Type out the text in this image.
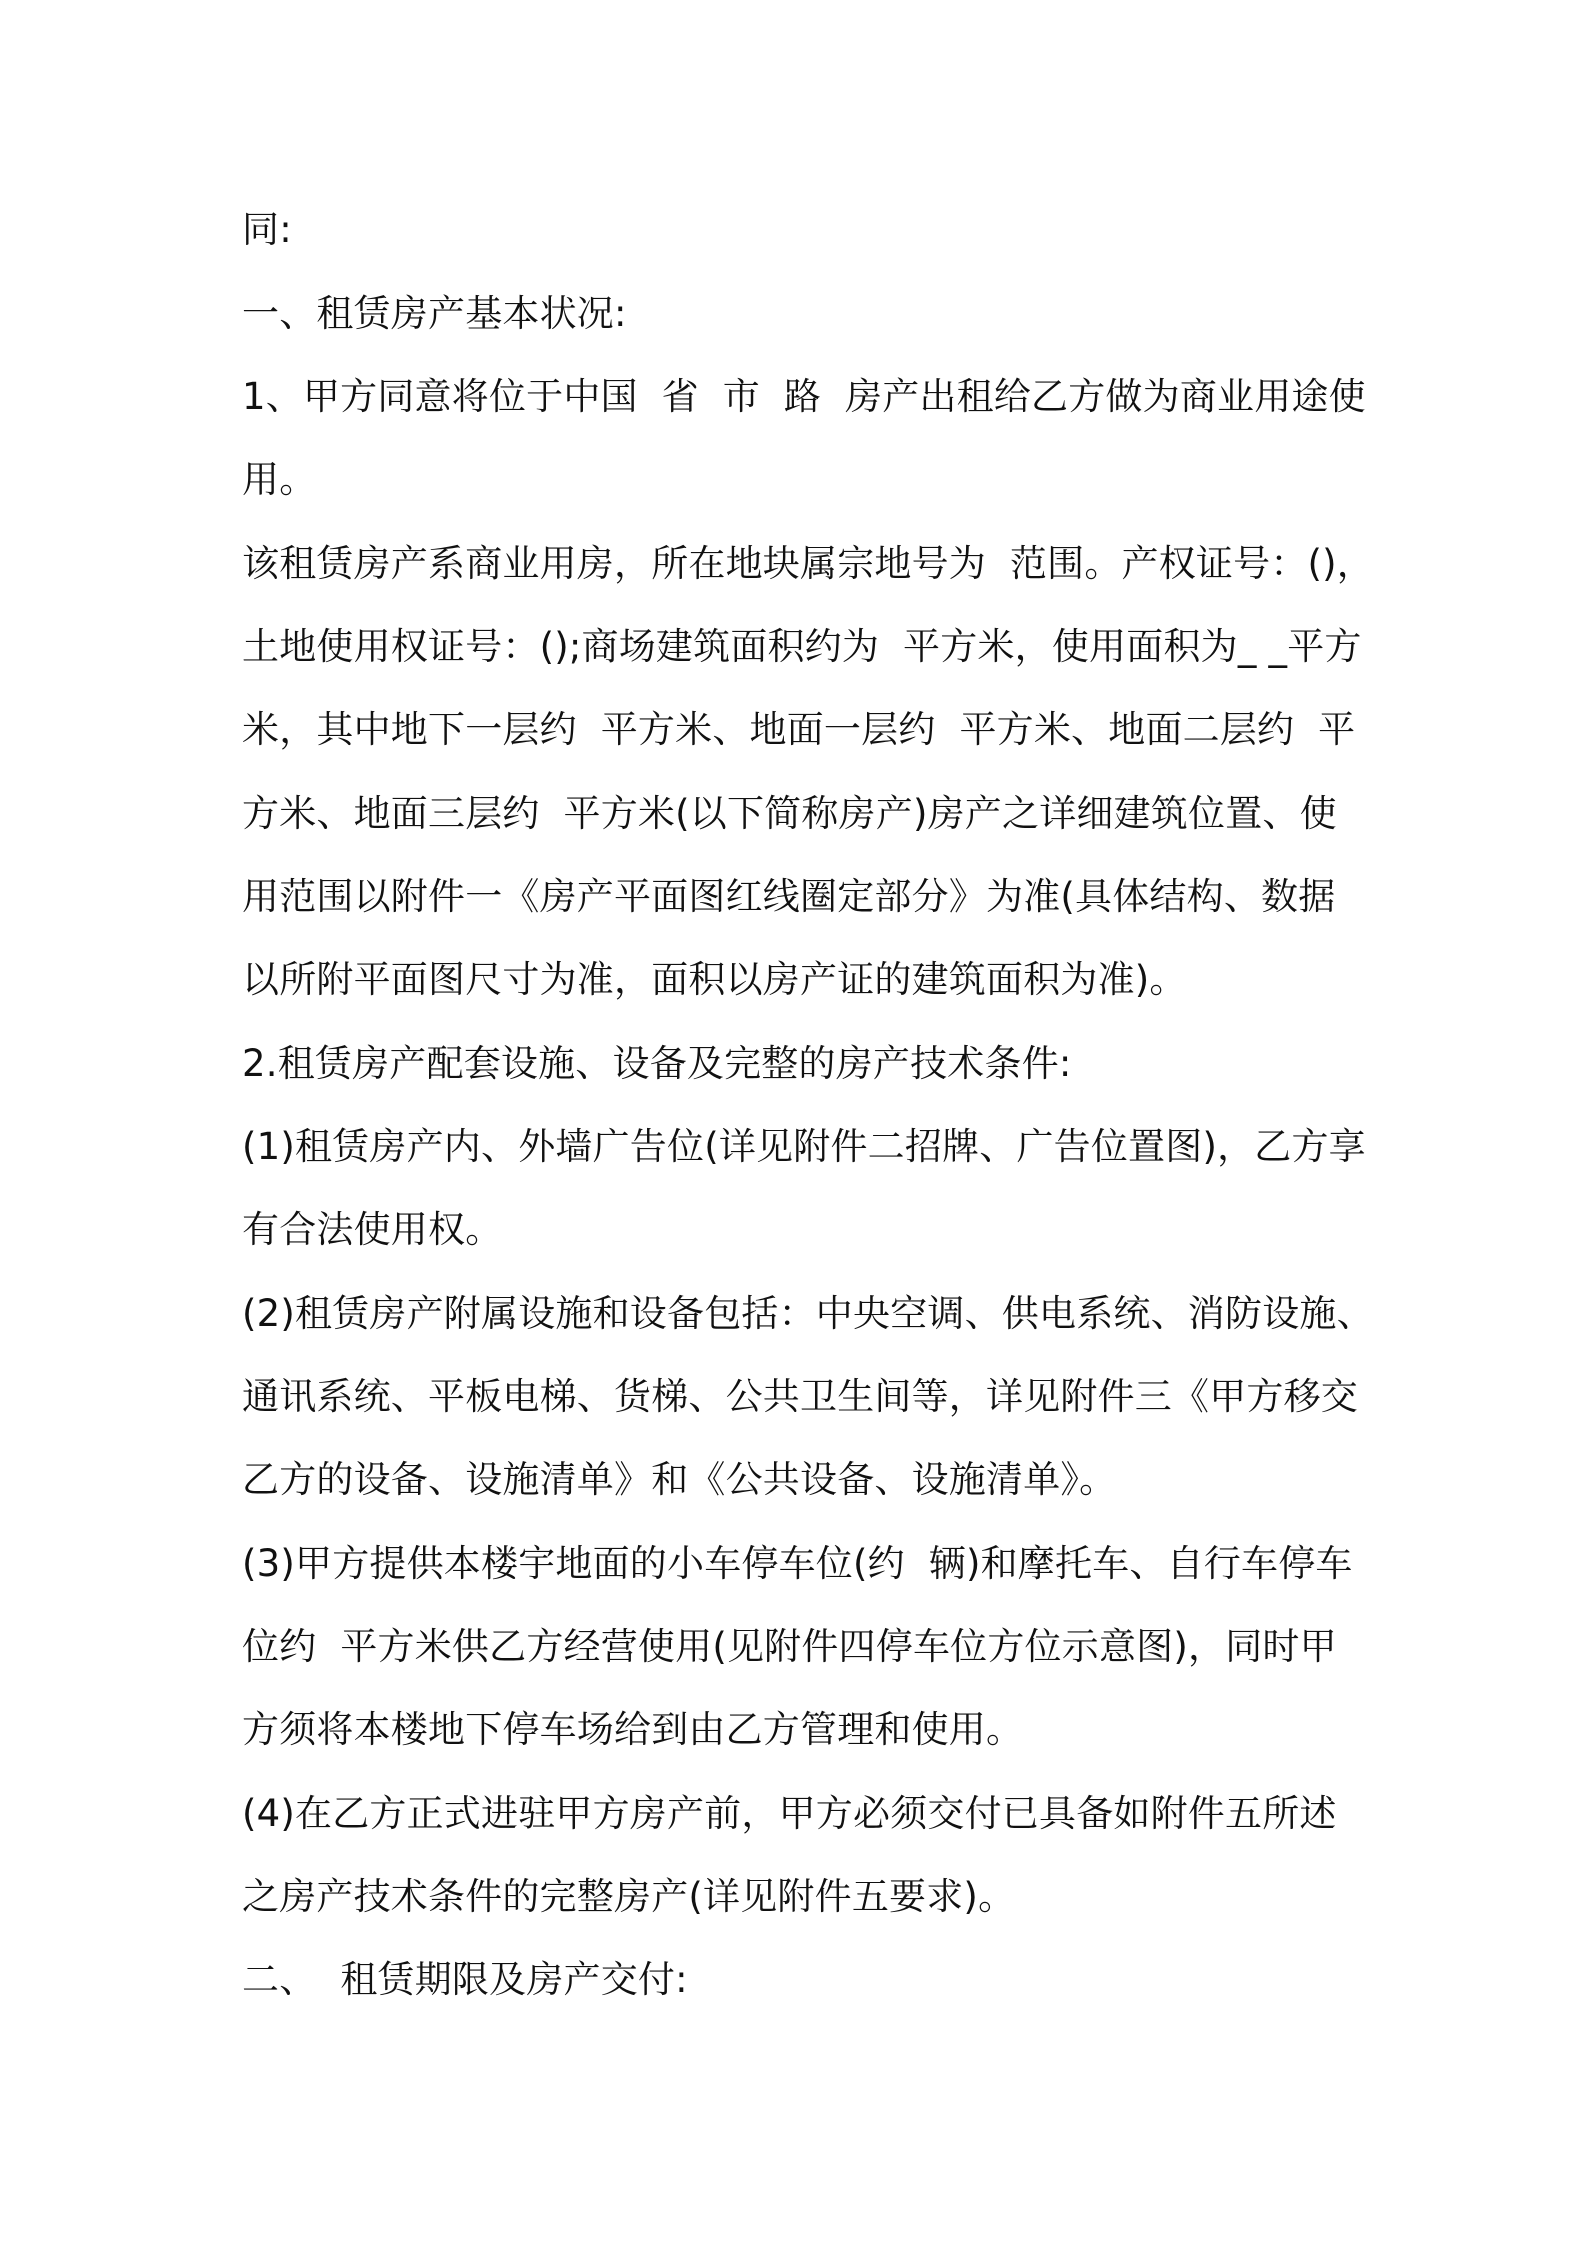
同:
一、租赁房产基本状况:
1、甲方同意将位于中国  省  市  路  房产出租给乙方做为商业用途使
用。
该租赁房产系商业用房，所在地块属宗地号为  范围。产权证号：()，
土地使用权证号：();商场建筑面积约为  平方米，使用面积为_ _平方
米，其中地下一层约  平方米、地面一层约  平方米、地面二层约  平
方米、地面三层约  平方米(以下简称房产)房产之详细建筑位置、使
用范围以附件一《房产平面图红线圈定部分》为准(具体结构、数据
以所附平面图尺寸为准，面积以房产证的建筑面积为准)。
2.租赁房产配套设施、设备及完整的房产技术条件:
(1)租赁房产内、外墙广告位(详见附件二招牌、广告位置图)，乙方享
有合法使用权。
(2)租赁房产附属设施和设备包括：中央空调、供电系统、消防设施、
通讯系统、平板电梯、货梯、公共卫生间等，详见附件三《甲方移交
乙方的设备、设施清单》和《公共设备、设施清单》。
(3)甲方提供本楼宇地面的小车停车位(约  辆)和摩托车、自行车停车
位约  平方米供乙方经营使用(见附件四停车位方位示意图)，同时甲
方须将本楼地下停车场给到由乙方管理和使用。
(4)在乙方正式进驻甲方房产前，甲方必须交付已具备如附件五所述
之房产技术条件的完整房产(详见附件五要求)。
二、  租赁期限及房产交付:
